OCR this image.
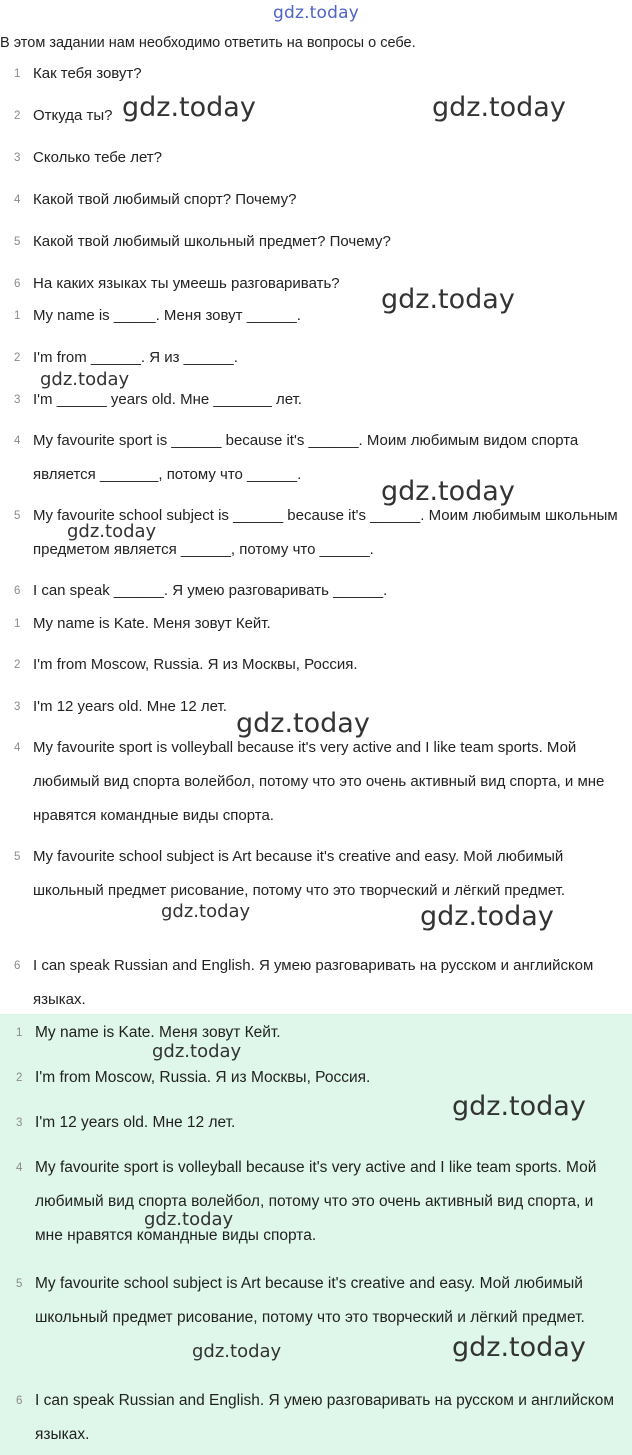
gdz.today
В этом задании нам необходимо ответить на вопросы о себе.
1 Как тебя зовут?
2 Откуда ты?
3 Сколько тебе лет?
4 Какой твой любимый спорт? Почему?
5 Какой твой любимый школьный предмет? Почему?
6 На каких языках ты умеешь разговаривать?
1 My name is _____. Меня зовут ______.
2 I'm from ______. Я из ______.
3 I'm ______ years old. Мне _______ лет.
4 My favourite sport is ______ because it's ______. Моим любимым видом спорта является _______, потому что ______.
5 My favourite school subject is ______ because it's ______. Моим любимым школьным предметом является ______, потому что ______.
6 I can speak ______. Я умею разговаривать ______.
1 My name is Kate. Меня зовут Кейт.
2 I'm from Moscow, Russia. Я из Москвы, Россия.
3 I'm 12 years old. Мне 12 лет.
4 My favourite sport is volleyball because it's very active and I like team sports. Мой любимый вид спорта волейбол, потому что это очень активный вид спорта, и мне нравятся командные виды спорта.
5 My favourite school subject is Art because it's creative and easy. Мой любимый школьный предмет рисование, потому что это творческий и лёгкий предмет.
6 I can speak Russian and English. Я умею разговаривать на русском и английском языках.
1 My name is Kate. Меня зовут Кейт.
2 I'm from Moscow, Russia. Я из Москвы, Россия.
3 I'm 12 years old. Мне 12 лет.
4 My favourite sport is volleyball because it's very active and I like team sports. Мой любимый вид спорта волейбол, потому что это очень активный вид спорта, и мне нравятся командные виды спорта.
5 My favourite school subject is Art because it's creative and easy. Мой любимый школьный предмет рисование, потому что это творческий и лёгкий предмет.
6 I can speak Russian and English. Я умею разговаривать на русском и английском языках.
gdz.today	gdz.today
gdz.today
gdz.today
gdz.today
gdz.today
gdz.today
gdz.today	gdz.today
gdz.today
gdz.today
gdz.today
gdz.today	gdz.today
